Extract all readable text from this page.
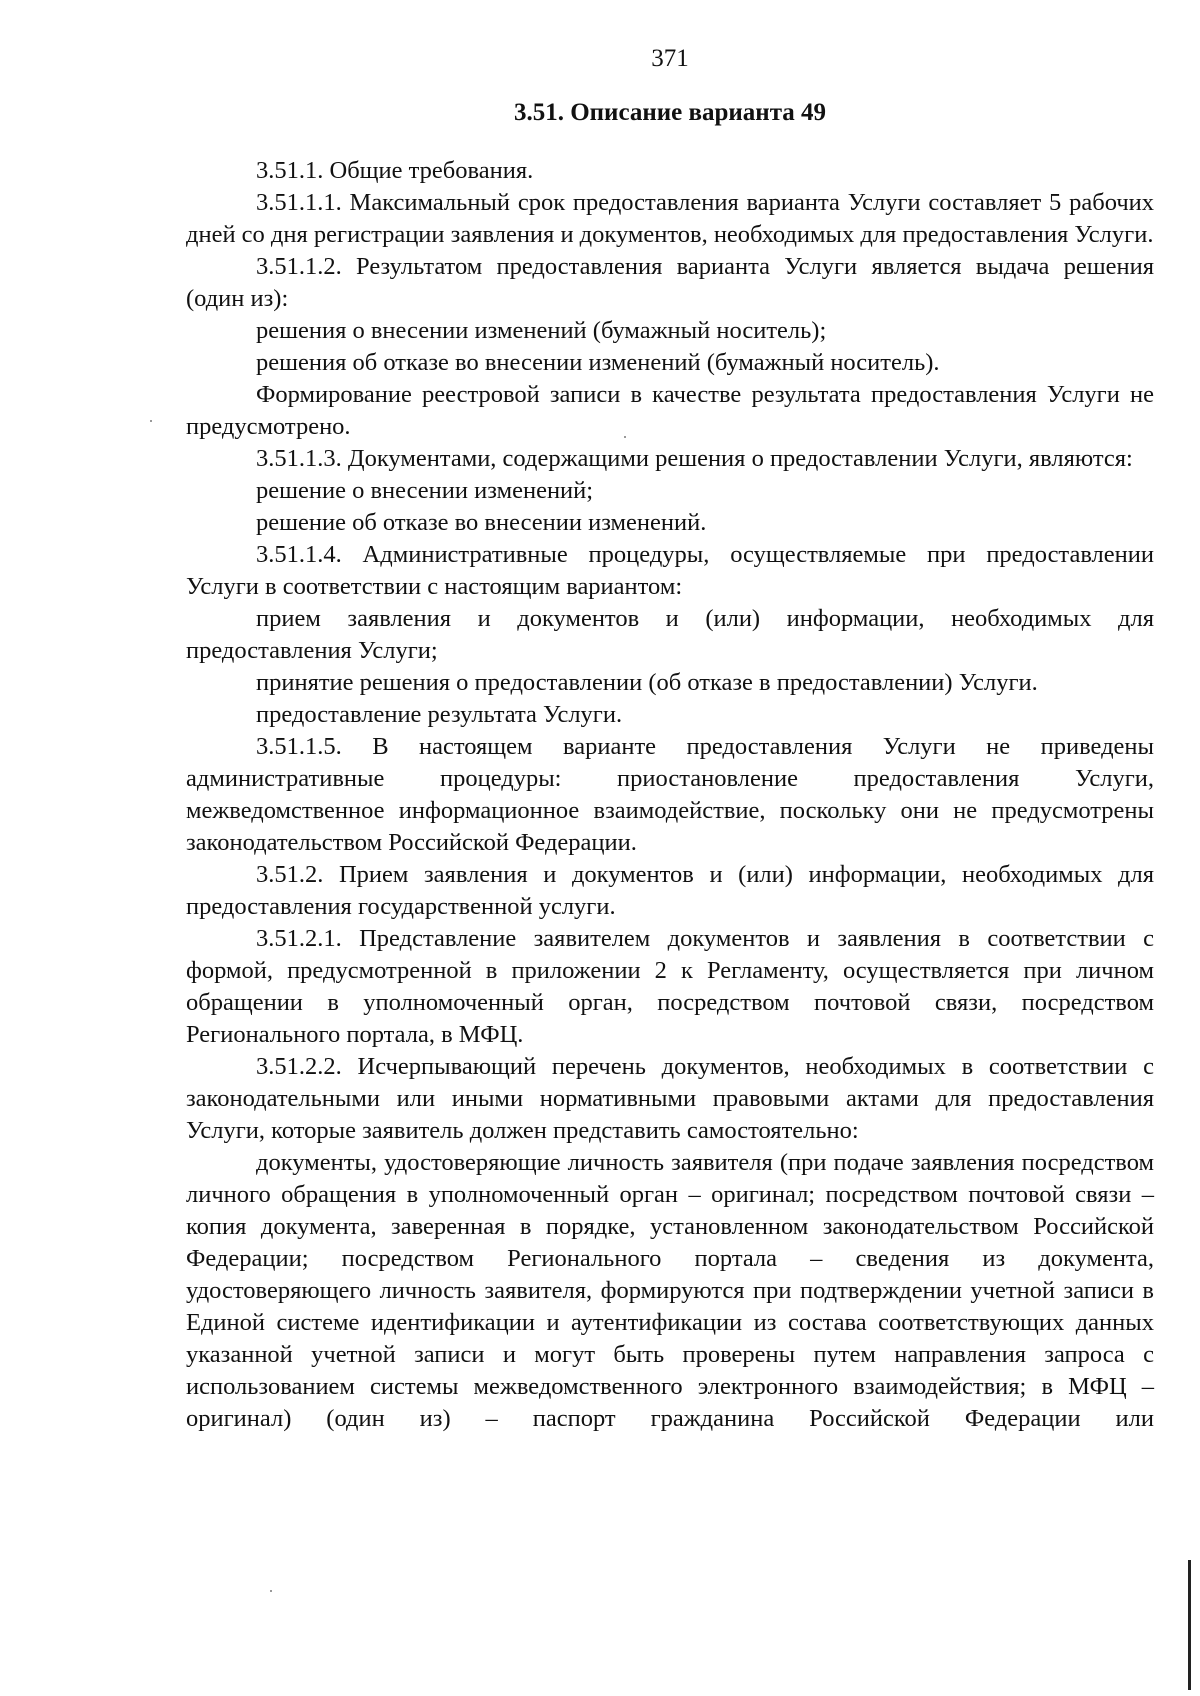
371
3.51. Описание варианта 49

3.51.1. Общие требования.

3.51.1.1. Максимальный срок предоставления варианта Услуги составляет 5 рабочих дней со дня регистрации заявления и документов, необходимых для предоставления Услуги.

3.51.1.2. Результатом предоставления варианта Услуги является выдача решения (один из):

решения о внесении изменений (бумажный носитель);

решения об отказе во внесении изменений (бумажный носитель).

Формирование реестровой записи в качестве результата предоставления Услуги не предусмотрено.

3.51.1.3. Документами, содержащими решения о предоставлении Услуги, являются:

решение о внесении изменений;

решение об отказе во внесении изменений.

3.51.1.4. Административные процедуры, осуществляемые при предоставлении Услуги в соответствии с настоящим вариантом:

прием заявления и документов и (или) информации, необходимых для предоставления Услуги;

принятие решения о предоставлении (об отказе в предоставлении) Услуги.

предоставление результата Услуги.

3.51.1.5. В настоящем варианте предоставления Услуги не приведены административные процедуры: приостановление предоставления Услуги, межведомственное информационное взаимодействие, поскольку они не предусмотрены законодательством Российской Федерации.

3.51.2. Прием заявления и документов и (или) информации, необходимых для предоставления государственной услуги.

3.51.2.1. Представление заявителем документов и заявления в соответствии с формой, предусмотренной в приложении 2 к Регламенту, осуществляется при личном обращении в уполномоченный орган, посредством почтовой связи, посредством Регионального портала, в МФЦ.

3.51.2.2. Исчерпывающий перечень документов, необходимых в соответствии с законодательными или иными нормативными правовыми актами для предоставления Услуги, которые заявитель должен представить самостоятельно:

документы, удостоверяющие личность заявителя (при подаче заявления посредством личного обращения в уполномоченный орган – оригинал; посредством почтовой связи – копия документа, заверенная в порядке, установленном законодательством Российской Федерации; посредством Регионального портала – сведения из документа, удостоверяющего личность заявителя, формируются при подтверждении учетной записи в Единой системе идентификации и аутентификации из состава соответствующих данных указанной учетной записи и могут быть проверены путем направления запроса с использованием системы межведомственного электронного взаимодействия; в МФЦ – оригинал) (один из) – паспорт гражданина Российской Федерации или
